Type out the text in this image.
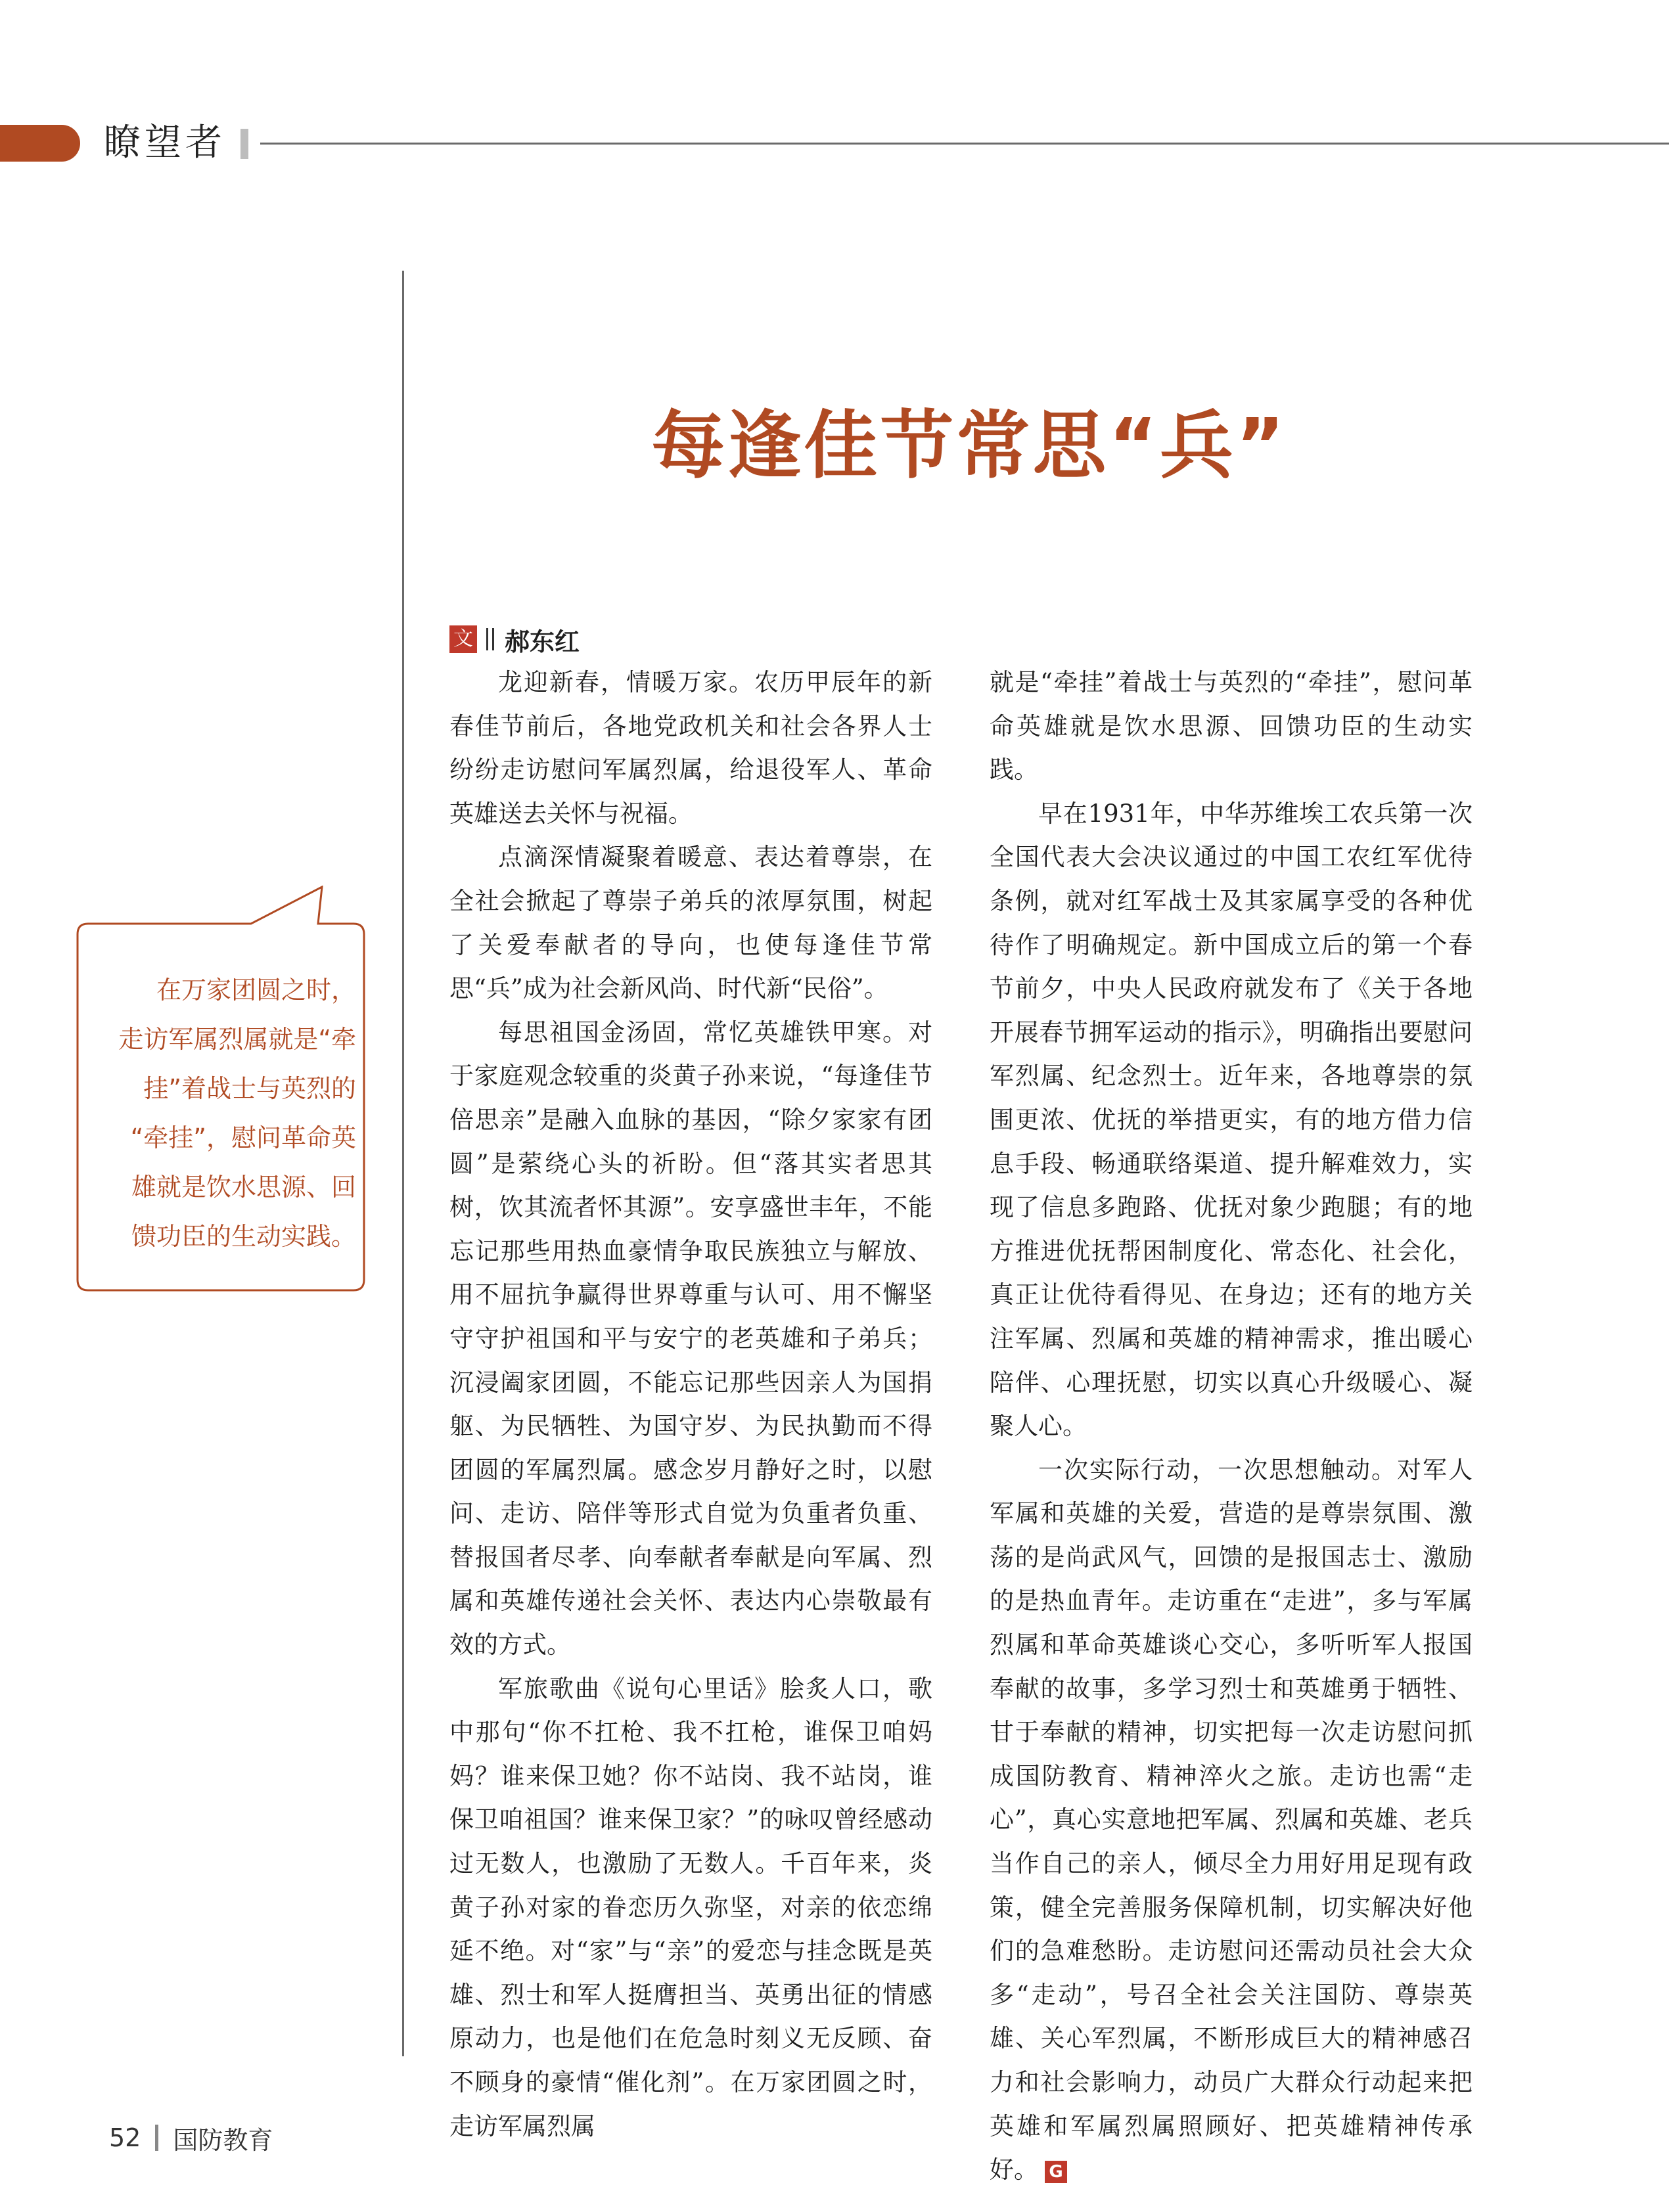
瞭望者
每逢佳节常思“兵”
文 郝东红

龙迎新春，情暖万家。农历甲辰年的新春佳节前后，各地党政机关和社会各界人士纷纷走访慰问军属烈属，给退役军人、革命英雄送去关怀与祝福。

点滴深情凝聚着暖意、表达着尊崇，在全社会掀起了尊崇子弟兵的浓厚氛围，树起了关爱奉献者的导向，也使每逢佳节常思“兵”成为社会新风尚、时代新“民俗”。

每思祖国金汤固，常忆英雄铁甲寒。对于家庭观念较重的炎黄子孙来说，“每逢佳节倍思亲”是融入血脉的基因，“除夕家家有团圆”是萦绕心头的祈盼。但“落其实者思其树，饮其流者怀其源”。安享盛世丰年，不能忘记那些用热血豪情争取民族独立与解放、用不屈抗争赢得世界尊重与认可、用不懈坚守守护祖国和平与安宁的老英雄和子弟兵；沉浸阖家团圆，不能忘记那些因亲人为国捐躯、为民牺牲、为国守岁、为民执勤而不得团圆的军属烈属。感念岁月静好之时，以慰问、走访、陪伴等形式自觉为负重者负重、替报国者尽孝、向奉献者奉献是向军属、烈属和英雄传递社会关怀、表达内心崇敬最有效的方式。

军旅歌曲《说句心里话》脍炙人口，歌中那句“你不扛枪、我不扛枪，谁保卫咱妈妈？谁来保卫她？你不站岗、我不站岗，谁保卫咱祖国？谁来保卫家？”的咏叹曾经感动过无数人，也激励了无数人。千百年来，炎黄子孙对家的眷恋历久弥坚，对亲的依恋绵延不绝。对“家”与“亲”的爱恋与挂念既是英雄、烈士和军人挺膺担当、英勇出征的情感原动力，也是他们在危急时刻义无反顾、奋不顾身的豪情“催化剂”。在万家团圆之时，走访军属烈属

就是“牵挂”着战士与英烈的“牵挂”，慰问革命英雄就是饮水思源、回馈功臣的生动实践。

早在1931年，中华苏维埃工农兵第一次全国代表大会决议通过的中国工农红军优待条例，就对红军战士及其家属享受的各种优待作了明确规定。新中国成立后的第一个春节前夕，中央人民政府就发布了《关于各地开展春节拥军运动的指示》，明确指出要慰问军烈属、纪念烈士。近年来，各地尊崇的氛围更浓、优抚的举措更实，有的地方借力信息手段、畅通联络渠道、提升解难效力，实现了信息多跑路、优抚对象少跑腿；有的地方推进优抚帮困制度化、常态化、社会化，真正让优待看得见、在身边；还有的地方关注军属、烈属和英雄的精神需求，推出暖心陪伴、心理抚慰，切实以真心升级暖心、凝聚人心。

一次实际行动，一次思想触动。对军人军属和英雄的关爱，营造的是尊崇氛围、激荡的是尚武风气，回馈的是报国志士、激励的是热血青年。走访重在“走进”，多与军属烈属和革命英雄谈心交心，多听听军人报国奉献的故事，多学习烈士和英雄勇于牺牲、甘于奉献的精神，切实把每一次走访慰问抓成国防教育、精神淬火之旅。走访也需“走心”，真心实意地把军属、烈属和英雄、老兵当作自己的亲人，倾尽全力用好用足现有政策，健全完善服务保障机制，切实解决好他们的急难愁盼。走访慰问还需动员社会大众多“走动”，号召全社会关注国防、尊崇英雄、关心军烈属，不断形成巨大的精神感召力和社会影响力，动员广大群众行动起来把英雄和军属烈属照顾好、把英雄精神传承好。 G

在万家团圆之时，
走访军属烈属就是“牵
挂”着战士与英烈的
“牵挂”，慰问革命英
雄就是饮水思源、回
馈功臣的生动实践。
52 国防教育
